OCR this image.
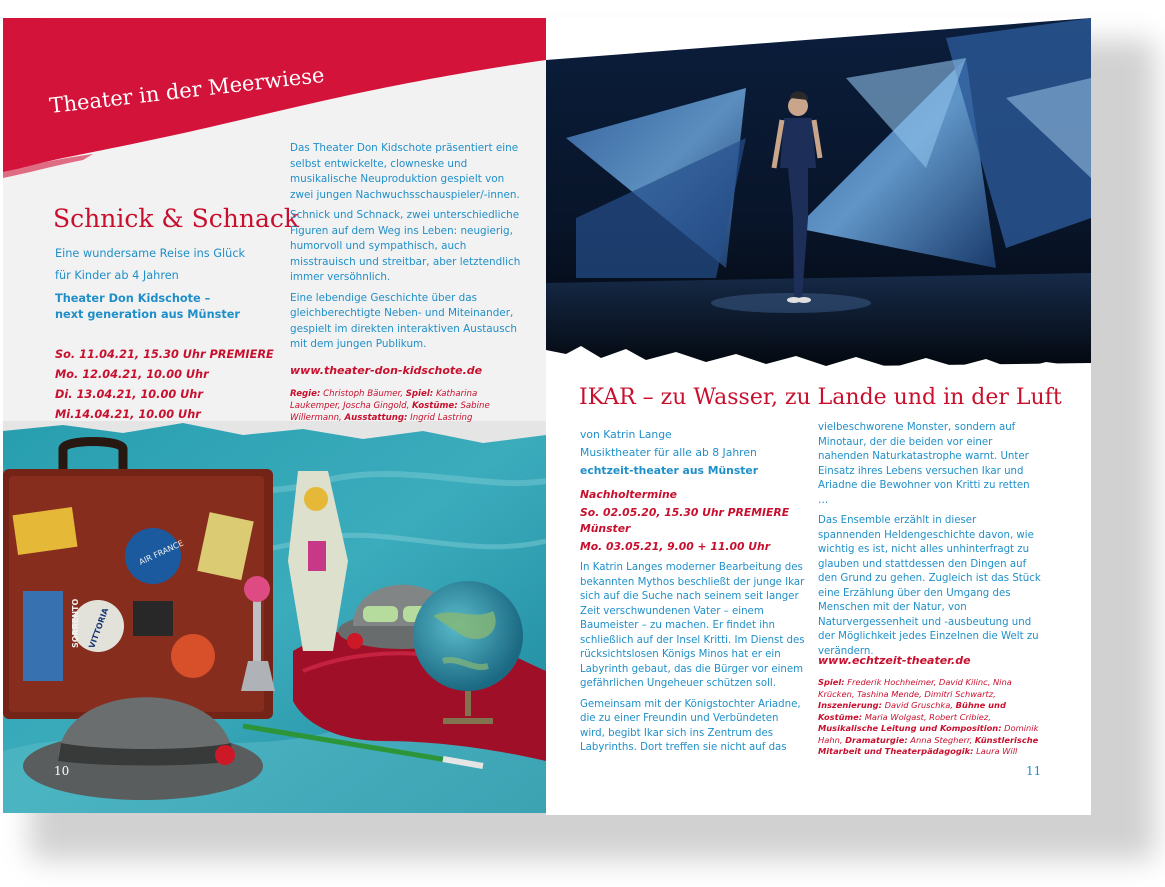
Theater in der Meerwiese
Schnick & Schnack
Eine wundersame Reise ins Glück
für Kinder ab 4 Jahren
Theater Don Kidschote –
next generation aus Münster
So. 11.04.21, 15.30 Uhr PREMIERE
Mo. 12.04.21, 10.00 Uhr
Di. 13.04.21, 10.00 Uhr
Mi.14.04.21, 10.00 Uhr

Das Theater Don Kidschote präsentiert eine selbst entwickelte, clowneske und musikalische Neuproduktion gespielt von zwei jungen Nachwuchsschauspieler/-innen.

Schnick und Schnack, zwei unterschiedliche Figuren auf dem Weg ins Leben: neugierig, humorvoll und sympathisch, auch misstrauisch und streitbar, aber letztendlich immer versöhnlich.

Eine lebendige Geschichte über das gleichberechtigte Neben- und Miteinander, gespielt im direkten interaktiven Austausch mit dem jungen Publikum.

www.theater-don-kidschote.de
Regie: Christoph Bäumer, Spiel: Katharina Laukemper, Joscha Gingold, Kostüme: Sabine Willermann, Ausstattung: Ingrid Lastring
AIR FRANCE
VITTORIA
SORRENTO
10
IKAR – zu Wasser, zu Lande und in der Luft
von Katrin Lange
Musiktheater für alle ab 8 Jahren
echtzeit-theater aus Münster
Nachholtermine
So. 02.05.20, 15.30 Uhr PREMIERE
Münster
Mo. 03.05.21, 9.00 + 11.00 Uhr

In Katrin Langes moderner Bearbeitung des bekannten Mythos beschließt der junge Ikar sich auf die Suche nach seinem seit langer Zeit verschwundenen Vater – einem Baumeister – zu machen. Er findet ihn schließlich auf der Insel Kritti. Im Dienst des rücksichtslosen Königs Minos hat er ein Labyrinth gebaut, das die Bürger vor einem gefährlichen Ungeheuer schützen soll.

Gemeinsam mit der Königstochter Ariadne, die zu einer Freundin und Verbündeten wird, begibt Ikar sich ins Zentrum des Labyrinths. Dort treffen sie nicht auf das

vielbeschworene Monster, sondern auf Minotaur, der die beiden vor einer nahenden Naturkatastrophe warnt. Unter Einsatz ihres Lebens versuchen Ikar und Ariadne die Bewohner von Kritti zu retten …

Das Ensemble erzählt in dieser spannenden Heldengeschichte davon, wie wichtig es ist, nicht alles unhinterfragt zu glauben und stattdessen den Dingen auf den Grund zu gehen. Zugleich ist das Stück eine Erzählung über den Umgang des Menschen mit der Natur, von Naturvergessenheit und -ausbeutung und der Möglichkeit jedes Einzelnen die Welt zu verändern.

www.echtzeit-theater.de
Spiel: Frederik Hochheimer, David Kilinc, Nina Krücken, Tashina Mende, Dimitri Schwartz, Inszenierung: David Gruschka, Bühne und Kostüme: Maria Wolgast, Robert Cribiez, Musikalische Leitung und Komposition: Dominik Hahn, Dramaturgie: Anna Stegherr, Künstlerische Mitarbeit und Theaterpädagogik: Laura Will
11
